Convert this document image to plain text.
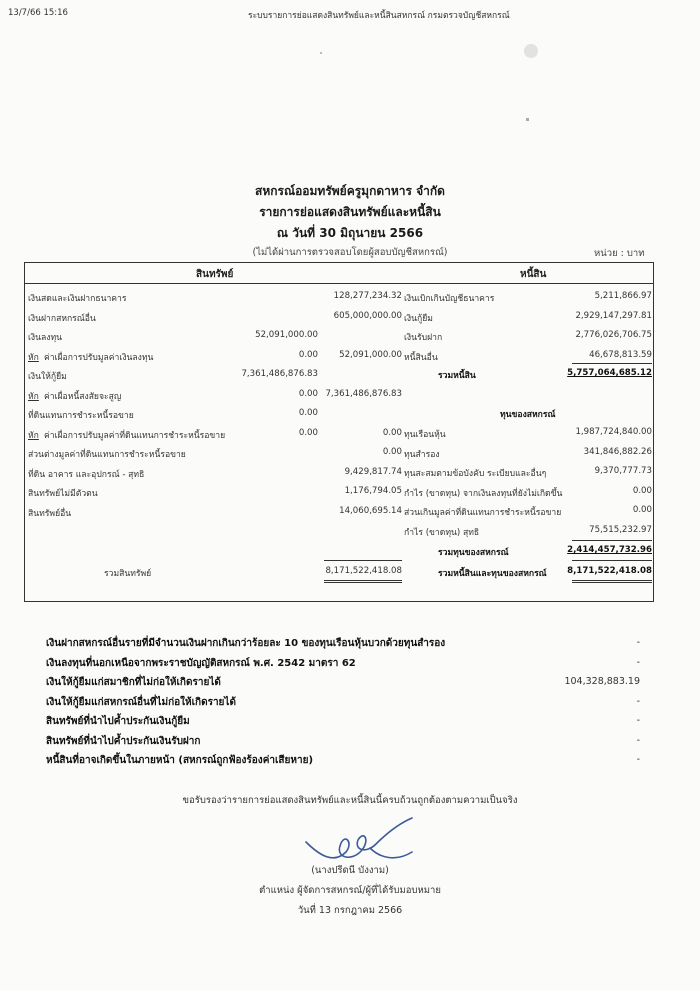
13/7/66 15:16	ระบบรายการย่อแสดงสินทรัพย์และหนี้สินสหกรณ์ กรมตรวจบัญชีสหกรณ์
สหกรณ์ออมทรัพย์ครูมุกดาหาร จำกัด
รายการย่อแสดงสินทรัพย์และหนี้สิน
ณ วันที่ 30 มิถุนายน 2566
(ไม่ได้ผ่านการตรวจสอบโดยผู้สอบบัญชีสหกรณ์)	หน่วย : บาท
สินทรัพย์	หนี้สิน
เงินสดและเงินฝากธนาคาร	128,277,234.32
เงินฝากสหกรณ์อื่น	605,000,000.00
เงินลงทุน	52,091,000.00
หัก ค่าเผื่อการปรับมูลค่าเงินลงทุน	0.00	52,091,000.00
เงินให้กู้ยืม	7,361,486,876.83
หัก ค่าเผื่อหนี้สงสัยจะสูญ	0.00 7,361,486,876.83
ที่ดินแทนการชำระหนี้รอขาย	0.00
หัก ค่าเผื่อการปรับมูลค่าที่ดินแทนการชำระหนี้รอขาย	0.00	0.00
ส่วนต่างมูลค่าที่ดินแทนการชำระหนี้รอขาย	0.00
ที่ดิน อาคาร และอุปกรณ์ - สุทธิ	9,429,817.74
สินทรัพย์ไม่มีตัวตน	1,176,794.05
สินทรัพย์อื่น	14,060,695.14
เงินเบิกเกินบัญชีธนาคาร	5,211,866.97
เงินกู้ยืม	2,929,147,297.81
เงินรับฝาก	2,776,026,706.75
หนี้สินอื่น	46,678,813.59
รวมหนี้สิน	5,757,064,685.12
ทุนของสหกรณ์
ทุนเรือนหุ้น	1,987,724,840.00
ทุนสำรอง	341,846,882.26
ทุนสะสมตามข้อบังคับ ระเบียบและอื่นๆ	9,370,777.73
กำไร (ขาดทุน) จากเงินลงทุนที่ยังไม่เกิดขึ้น	0.00
ส่วนเกินมูลค่าที่ดินแทนการชำระหนี้รอขาย	0.00
กำไร (ขาดทุน) สุทธิ	75,515,232.97
รวมทุนของสหกรณ์	2,414,457,732.96
รวมสินทรัพย์	8,171,522,418.08	รวมหนี้สินและทุนของสหกรณ์	8,171,522,418.08
เงินฝากสหกรณ์อื่นรายที่มีจำนวนเงินฝากเกินกว่าร้อยละ 10 ของทุนเรือนหุ้นบวกด้วยทุนสำรอง	-
เงินลงทุนที่นอกเหนือจากพระราชบัญญัติสหกรณ์ พ.ศ. 2542 มาตรา 62	-
เงินให้กู้ยืมแก่สมาชิกที่ไม่ก่อให้เกิดรายได้	104,328,883.19
เงินให้กู้ยืมแก่สหกรณ์อื่นที่ไม่ก่อให้เกิดรายได้	-
สินทรัพย์ที่นำไปค้ำประกันเงินกู้ยืม	-
สินทรัพย์ที่นำไปค้ำประกันเงินรับฝาก	-
หนี้สินที่อาจเกิดขึ้นในภายหน้า (สหกรณ์ถูกฟ้องร้องค่าเสียหาย)	-
ขอรับรองว่ารายการย่อแสดงสินทรัพย์และหนี้สินนี้ครบถ้วนถูกต้องตามความเป็นจริง
(นางปรีดนี บังงาม)
ตำแหน่ง ผู้จัดการสหกรณ์/ผู้ที่ได้รับมอบหมาย
วันที่ 13 กรกฎาคม 2566
